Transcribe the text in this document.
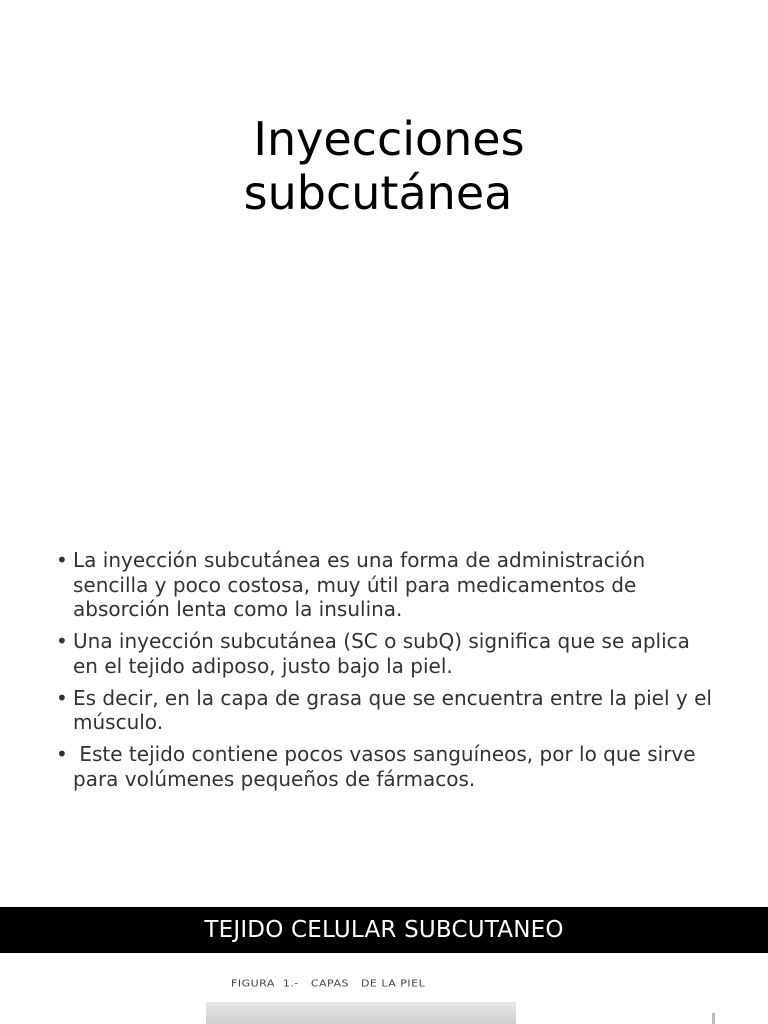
Inyecciones
subcutánea
• La inyección subcutánea es una forma de administración sencilla y poco costosa, muy útil para medicamentos de absorción lenta como la insulina.
• Una inyección subcutánea (SC o subQ) significa que se aplica en el tejido adiposo, justo bajo la piel.
• Es decir, en la capa de grasa que se encuentra entre la piel y el músculo.
• Este tejido contiene pocos vasos sanguíneos, por lo que sirve para volúmenes pequeños de fármacos.
TEJIDO CELULAR SUBCUTANEO
FIGURA  1.-   CAPAS   DE LA PIEL
